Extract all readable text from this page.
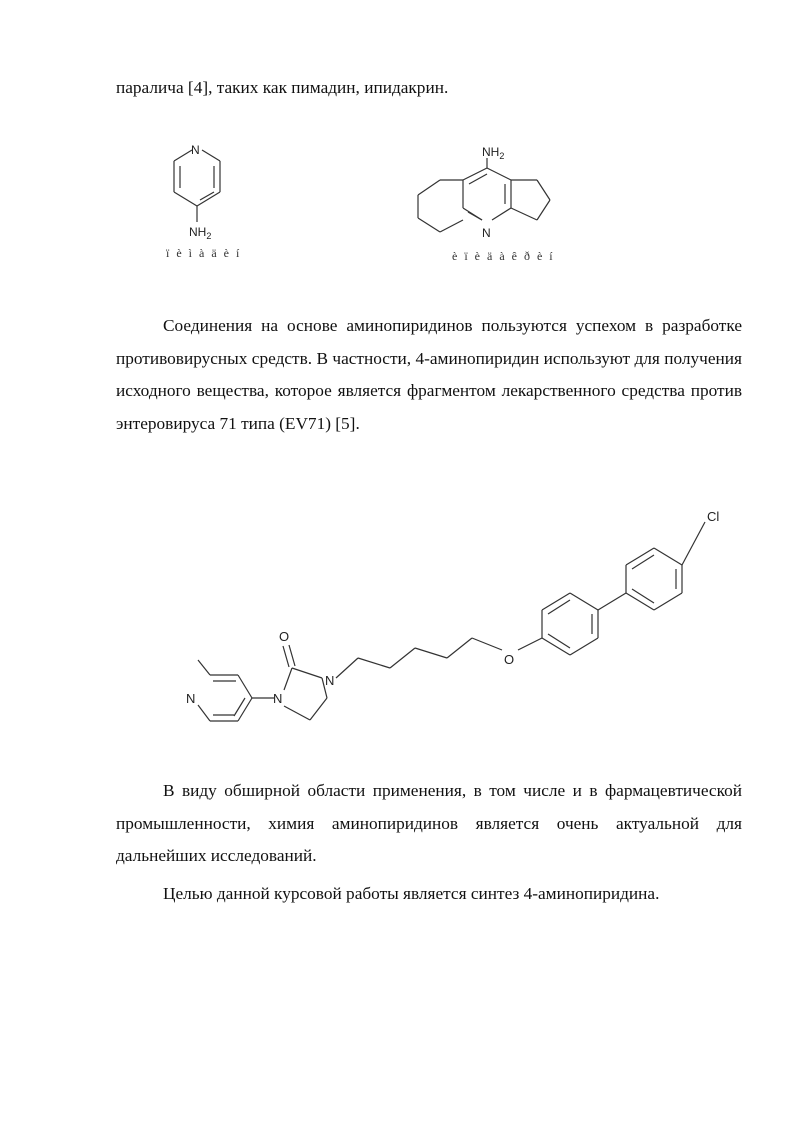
паралича [4], таких как пимадин, ипидакрин.
N
$NH_2$
ï è ì à ä è í
$NH_2$
N
è ï è ä à ê ð è í
Соединения на основе аминопиридинов пользуются успехом в разработке противовирусных средств. В частности, 4-аминопиридин используют для получения исходного вещества, которое является фрагментом лекарственного средства против энтеровируса 71 типа (EV71) [5].
Cl
O
O
N
N
N
В виду обширной области применения, в том числе и в фармацевтической промышленности, химия аминопиридинов является очень актуальной для дальнейших исследований.
Целью данной курсовой работы является синтез 4-аминопиридина.
